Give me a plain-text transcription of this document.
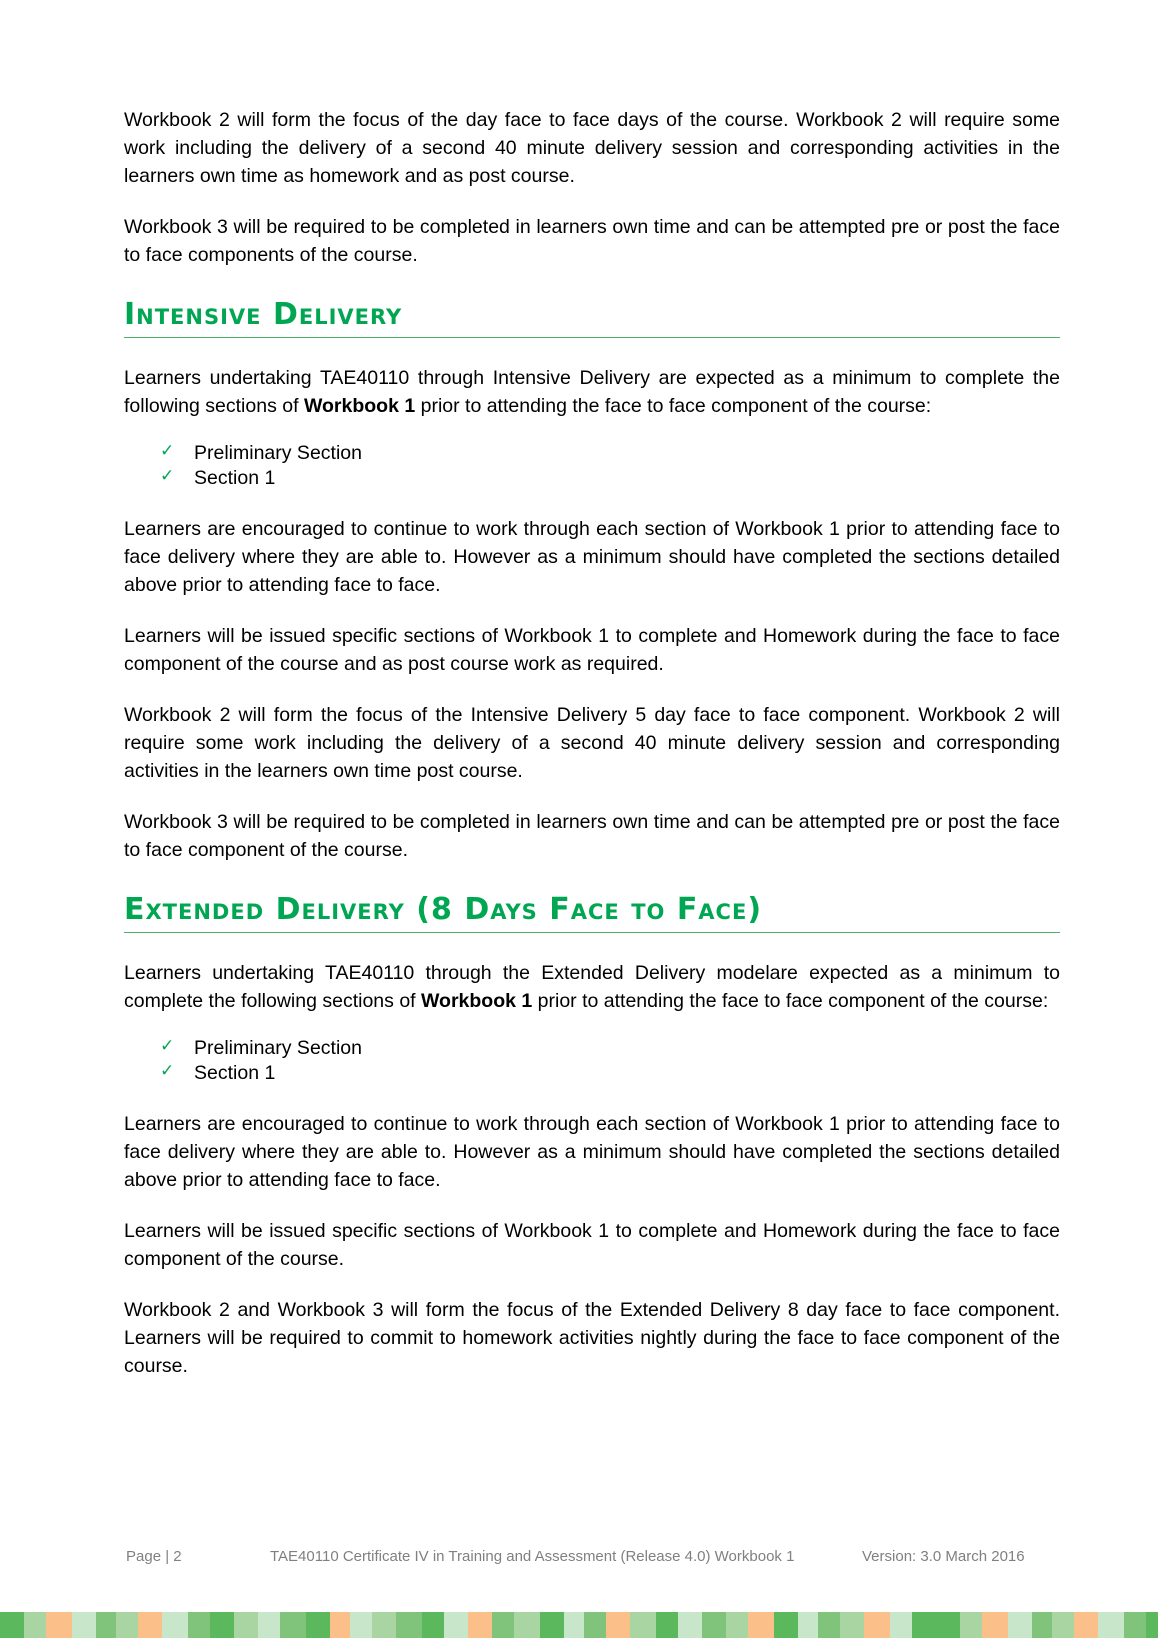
Workbook 2 will form the focus of the day face to face days of the course. Workbook 2 will require some work including the delivery of a second 40 minute delivery session and corresponding activities in the learners own time as homework and as post course.

Workbook 3 will be required to be completed in learners own time and can be attempted pre or post the face to face components of the course.

Intensive Delivery

Learners undertaking TAE40110 through Intensive Delivery are expected as a minimum to complete the following sections of Workbook 1 prior to attending the face to face component of the course:

✓ Preliminary Section
✓ Section 1

Learners are encouraged to continue to work through each section of Workbook 1 prior to attending face to face delivery where they are able to. However as a minimum should have completed the sections detailed above prior to attending face to face.

Learners will be issued specific sections of Workbook 1 to complete and Homework during the face to face component of the course and as post course work as required.

Workbook 2 will form the focus of the Intensive Delivery 5 day face to face component. Workbook 2 will require some work including the delivery of a second 40 minute delivery session and corresponding activities in the learners own time post course.

Workbook 3 will be required to be completed in learners own time and can be attempted pre or post the face to face component of the course.

Extended Delivery (8 Days Face to Face)

Learners undertaking TAE40110 through the Extended Delivery modelare expected as a minimum to complete the following sections of Workbook 1 prior to attending the face to face component of the course:

✓ Preliminary Section
✓ Section 1

Learners are encouraged to continue to work through each section of Workbook 1 prior to attending face to face delivery where they are able to. However as a minimum should have completed the sections detailed above prior to attending face to face.

Learners will be issued specific sections of Workbook 1 to complete and Homework during the face to face component of the course.

Workbook 2 and Workbook 3 will form the focus of the Extended Delivery 8 day face to face component. Learners will be required to commit to homework activities nightly during the face to face component of the course.

Page | 2	TAE40110 Certificate IV in Training and Assessment (Release 4.0) Workbook 1	Version: 3.0 March 2016
